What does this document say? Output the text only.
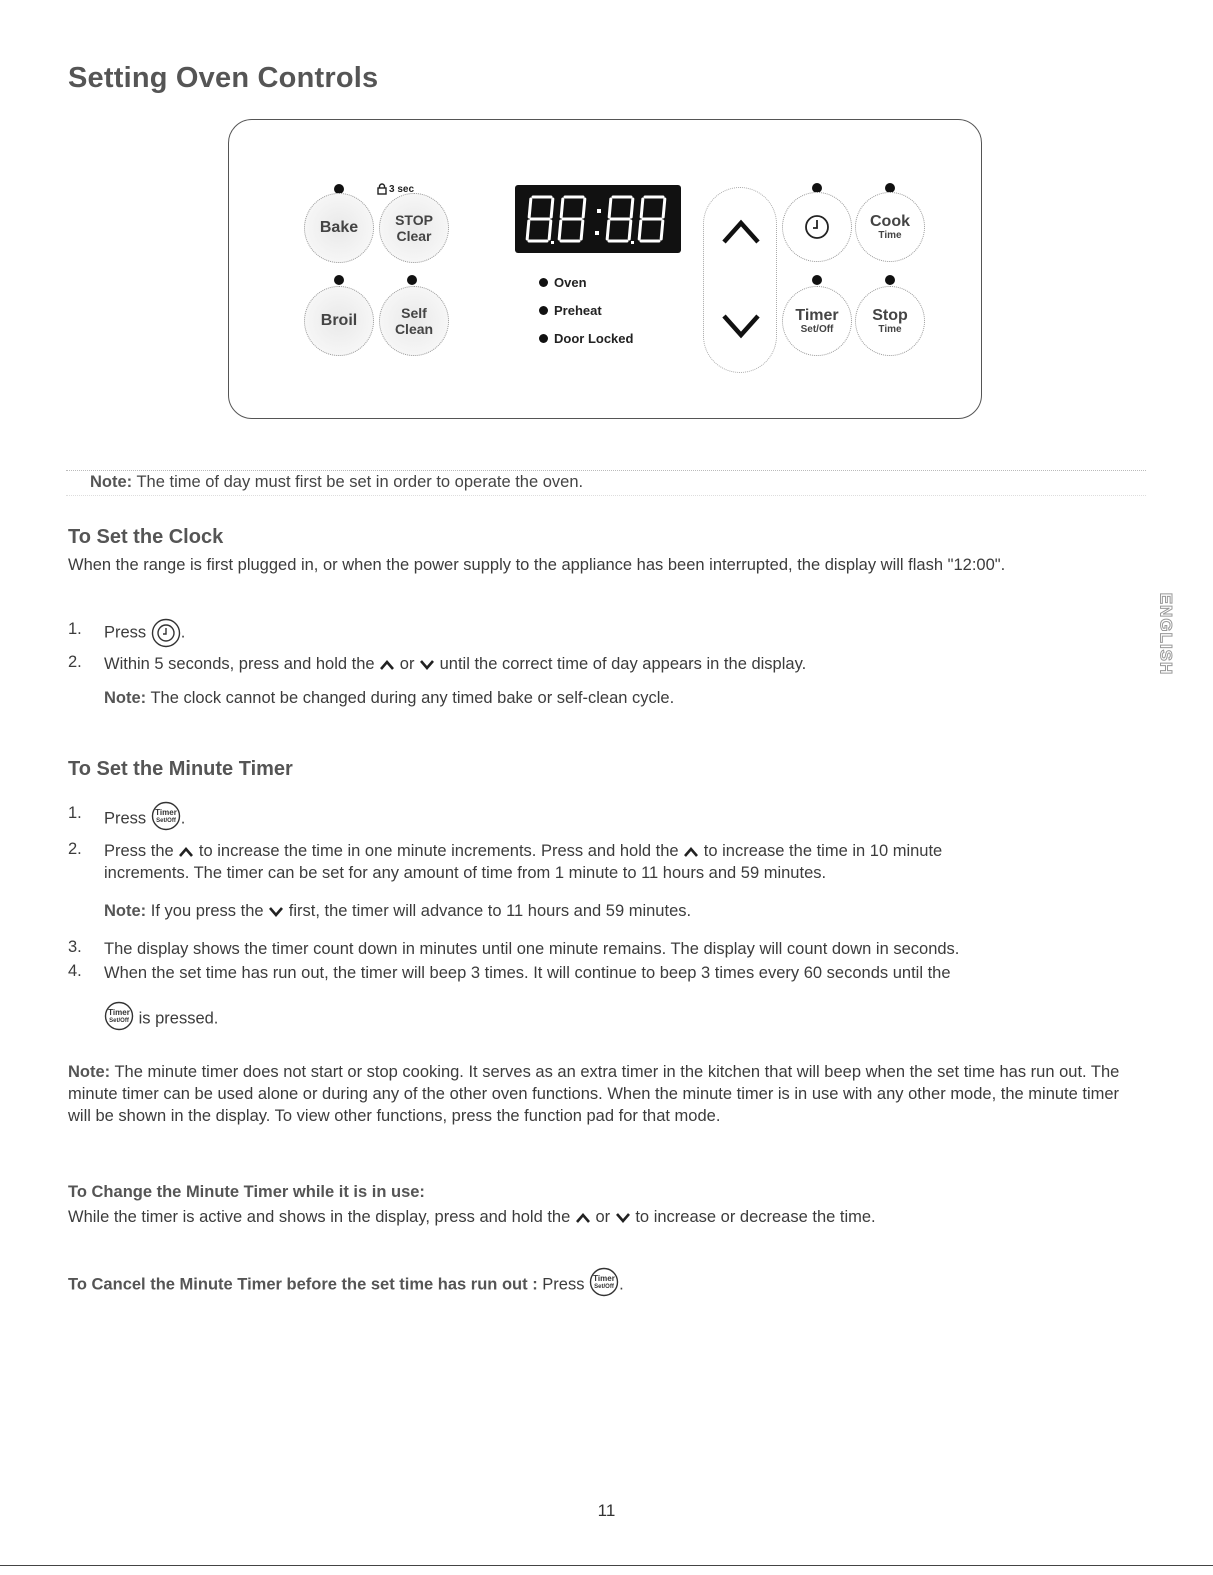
Setting Oven Controls
3 sec
Bake	STOP
Clear
Broil	Self
Clean
Oven
Preheat
Door Locked
Cook
Time
Timer
Set/Off
Stop
Time
Note: The time of day must first be set in order to operate the oven.
To Set the Clock
When the range is first plugged in, or when the power supply to the appliance has been interrupted, the display will flash "12:00".
1. Press .
2. Within 5 seconds, press and hold the or until the correct time of day appears in the display.
Note: The clock cannot be changed during any timed bake or self-clean cycle.
To Set the Minute Timer
1. Press Timer
Set/Off .
2. Press the to increase the time in one minute increments. Press and hold the to increase the time in 10 minute
increments. The timer can be set for any amount of time from 1 minute to 11 hours and 59 minutes.
Note: If you press the first, the timer will advance to 11 hours and 59 minutes.
3. The display shows the timer count down in minutes until one minute remains. The display will count down in seconds.
4. When the set time has run out, the timer will beep 3 times. It will continue to beep 3 times every 60 seconds until the
Timer
Set/Off is pressed.
Note: The minute timer does not start or stop cooking. It serves as an extra timer in the kitchen that will beep when the set time has run out. The minute timer can be used alone or during any of the other oven functions. When the minute timer is in use with any other mode, the minute timer will be shown in the display. To view other functions, press the function pad for that mode.
To Change the Minute Timer while it is in use:
While the timer is active and shows in the display, press and hold the or to increase or decrease the time.
To Cancel the Minute Timer before the set time has run out : Press Timer
Set/Off .
ENGLISH
11
